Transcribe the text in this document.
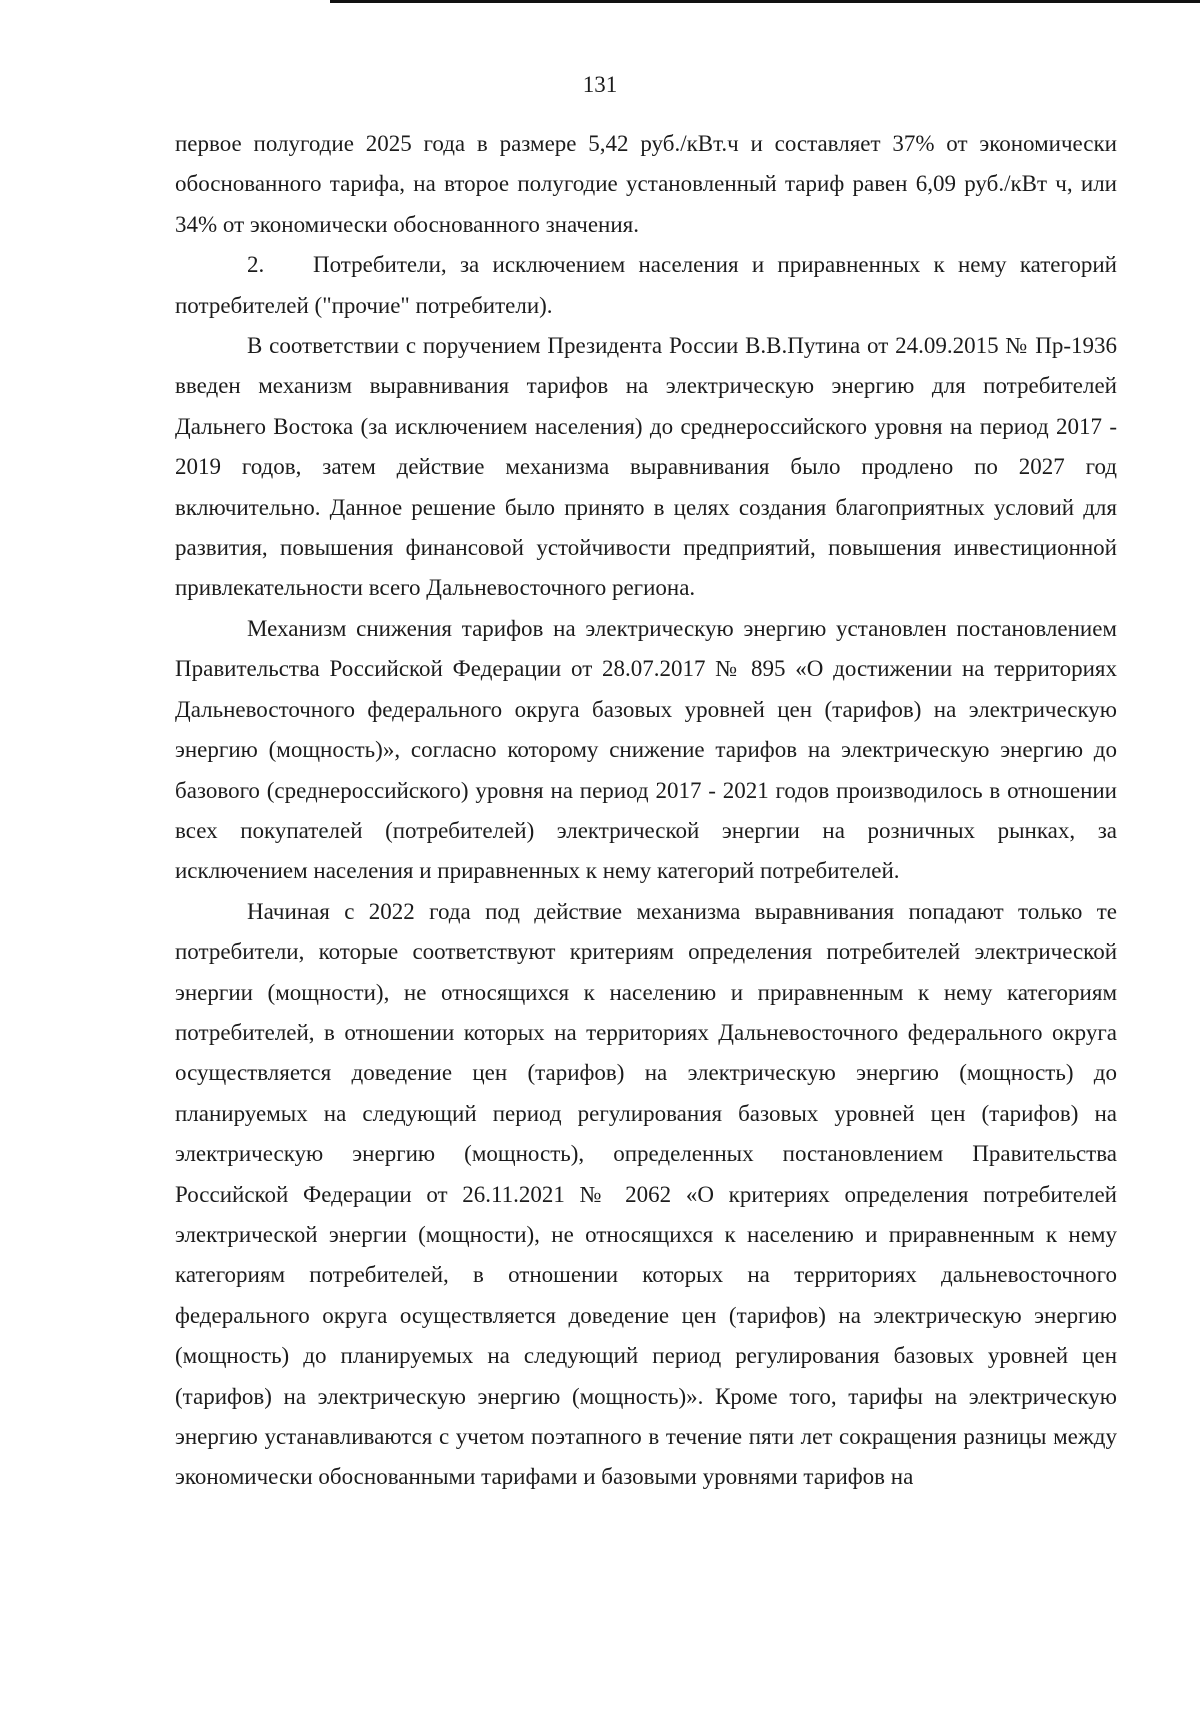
131

первое полугодие 2025 года в размере 5,42 руб./кВт.ч и составляет 37% от экономически обоснованного тарифа, на второе полугодие установленный тариф равен 6,09 руб./кВт ч, или 34% от экономически обоснованного значения.

2. Потребители, за исключением населения и приравненных к нему категорий потребителей ("прочие" потребители).

В соответствии с поручением Президента России В.В.Путина от 24.09.2015 № Пр-1936 введен механизм выравнивания тарифов на электрическую энергию для потребителей Дальнего Востока (за исключением населения) до среднероссийского уровня на период 2017 - 2019 годов, затем действие механизма выравнивания было продлено по 2027 год включительно. Данное решение было принято в целях создания благоприятных условий для развития, повышения финансовой устойчивости предприятий, повышения инвестиционной привлекательности всего Дальневосточного региона.

Механизм снижения тарифов на электрическую энергию установлен постановлением Правительства Российской Федерации от 28.07.2017 № 895 «О достижении на территориях Дальневосточного федерального округа базовых уровней цен (тарифов) на электрическую энергию (мощность)», согласно которому снижение тарифов на электрическую энергию до базового (среднероссийского) уровня на период 2017 - 2021 годов производилось в отношении всех покупателей (потребителей) электрической энергии на розничных рынках, за исключением населения и приравненных к нему категорий потребителей.

Начиная с 2022 года под действие механизма выравнивания попадают только те потребители, которые соответствуют критериям определения потребителей электрической энергии (мощности), не относящихся к населению и приравненным к нему категориям потребителей, в отношении которых на территориях Дальневосточного федерального округа осуществляется доведение цен (тарифов) на электрическую энергию (мощность) до планируемых на следующий период регулирования базовых уровней цен (тарифов) на электрическую энергию (мощность), определенных постановлением Правительства Российской Федерации от 26.11.2021 № 2062 «О критериях определения потребителей электрической энергии (мощности), не относящихся к населению и приравненным к нему категориям потребителей, в отношении которых на территориях дальневосточного федерального округа осуществляется доведение цен (тарифов) на электрическую энергию (мощность) до планируемых на следующий период регулирования базовых уровней цен (тарифов) на электрическую энергию (мощность)». Кроме того, тарифы на электрическую энергию устанавливаются с учетом поэтапного в течение пяти лет сокращения разницы между экономически обоснованными тарифами и базовыми уровнями тарифов на
